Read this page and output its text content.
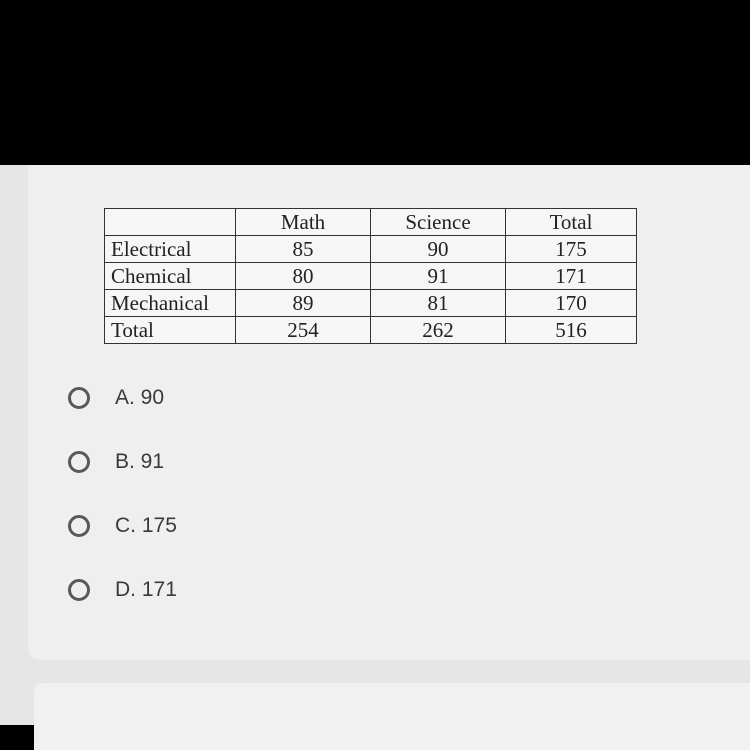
	Math	Science	Total
Electrical	85	90	175
Chemical	80	91	171
Mechanical	89	81	170
Total	254	262	516
A. 90
B. 91
C. 175
D. 171
